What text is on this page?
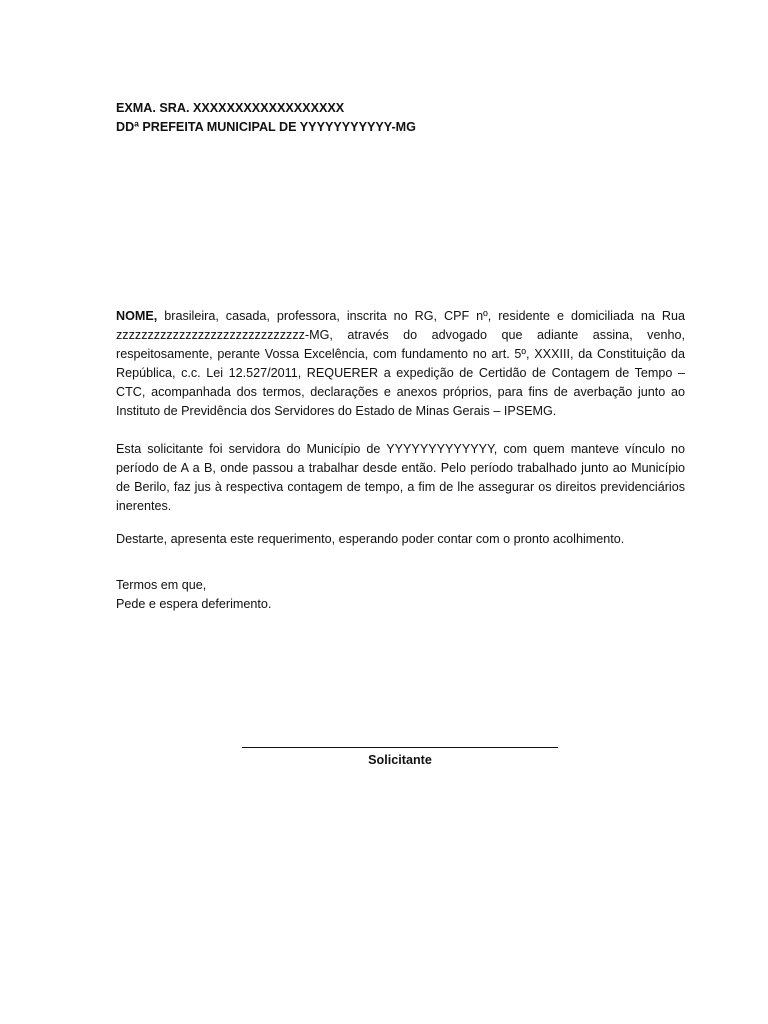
EXMA. SRA. XXXXXXXXXXXXXXXXXX
DDª PREFEITA MUNICIPAL DE YYYYYYYYYYY-MG

NOME, brasileira, casada, professora, inscrita no RG, CPF nº, residente e domiciliada na Rua zzzzzzzzzzzzzzzzzzzzzzzzzzzzzz-MG, através do advogado que adiante assina, venho, respeitosamente, perante Vossa Excelência, com fundamento no art. 5º, XXXIII, da Constituição da República, c.c. Lei 12.527/2011, REQUERER a expedição de Certidão de Contagem de Tempo – CTC, acompanhada dos termos, declarações e anexos próprios, para fins de averbação junto ao Instituto de Previdência dos Servidores do Estado de Minas Gerais – IPSEMG.

Esta solicitante foi servidora do Município de YYYYYYYYYYYYY, com quem manteve vínculo no período de A a B, onde passou a trabalhar desde então. Pelo período trabalhado junto ao Município de Berilo, faz jus à respectiva contagem de tempo, a fim de lhe assegurar os direitos previdenciários inerentes.

Destarte, apresenta este requerimento, esperando poder contar com o pronto acolhimento.

Termos em que,
Pede e espera deferimento.
Solicitante
